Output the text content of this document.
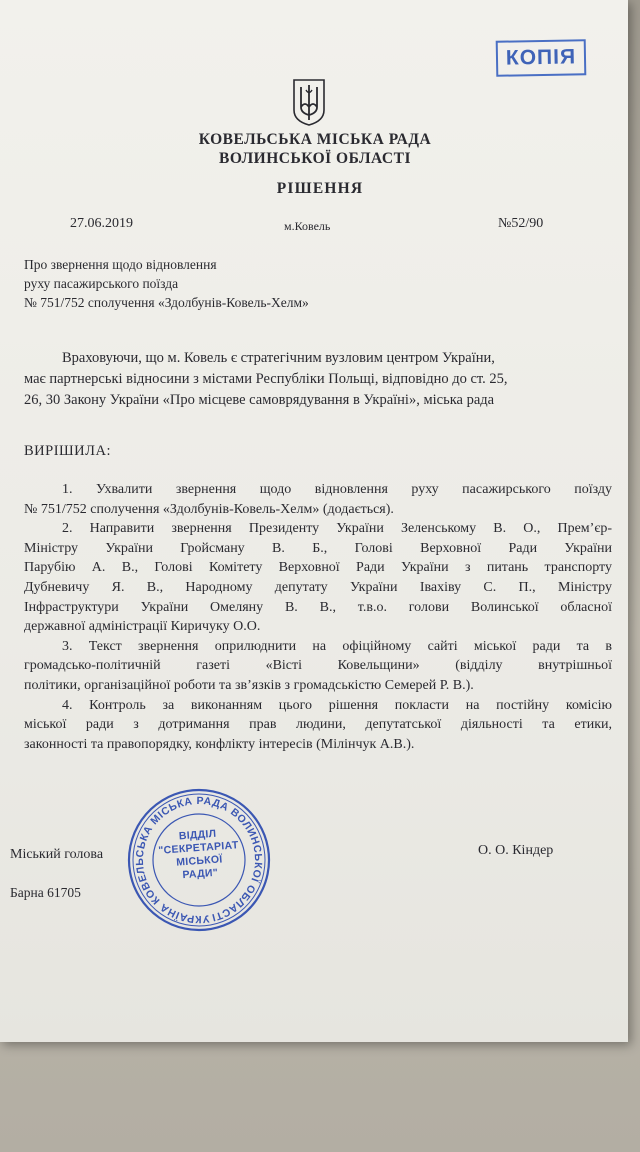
КОПІЯ
КОВЕЛЬСЬКА МІСЬКА РАДА
ВОЛИНСЬКОЇ ОБЛАСТІ
РІШЕННЯ
27.06.2019	м.Ковель	№52/90
Про звернення щодо відновлення
руху пасажирського поїзда
№ 751/752 сполучення «Здолбунів-Ковель-Хелм»
Враховуючи, що м. Ковель є стратегічним вузловим центром України,
має партнерські відносини з містами Республіки Польщі, відповідно до ст. 25,
26, 30 Закону України «Про місцеве самоврядування в Україні», міська рада
ВИРІШИЛА:
1. Ухвалити звернення щодо відновлення руху пасажирського поїзду
№ 751/752 сполучення «Здолбунів-Ковель-Хелм» (додається).
2. Направити звернення Президенту України Зеленському В. О., Прем’єр-
Міністру України Гройсману В. Б., Голові Верховної Ради України
Парубію А. В., Голові Комітету Верховної Ради України з питань транспорту
Дубневичу Я. В., Народному депутату України Іваxіву С. П., Міністру
Інфраструктури України Омеляну В. В., т.в.о. голови Волинської обласної
державної адміністрації Киричуку О.О.
3. Текст звернення оприлюднити на офіційному сайті міської ради та в
громадсько-політичній газеті «Вісті Ковельщини» (відділу внутрішньої
політики, організаційної роботи та зв’язків з громадськістю Семерей Р. В.).
4. Контроль за виконанням цього рішення покласти на постійну комісію
міської ради з дотримання прав людини, депутатської діяльності та етики,
законності та правопорядку, конфлікту інтересів (Мілінчук А.В.).
Міський голова	О. О. Кіндер
Барна 61705
УКРАЇНА КОВЕЛЬСЬКА МІСЬКА РАДА ВОЛИНСЬКОЇ ОБЛАСТІ
ВІДДІЛ
"СЕКРЕТАРІАТ
МІСЬКОЇ
РАДИ"
